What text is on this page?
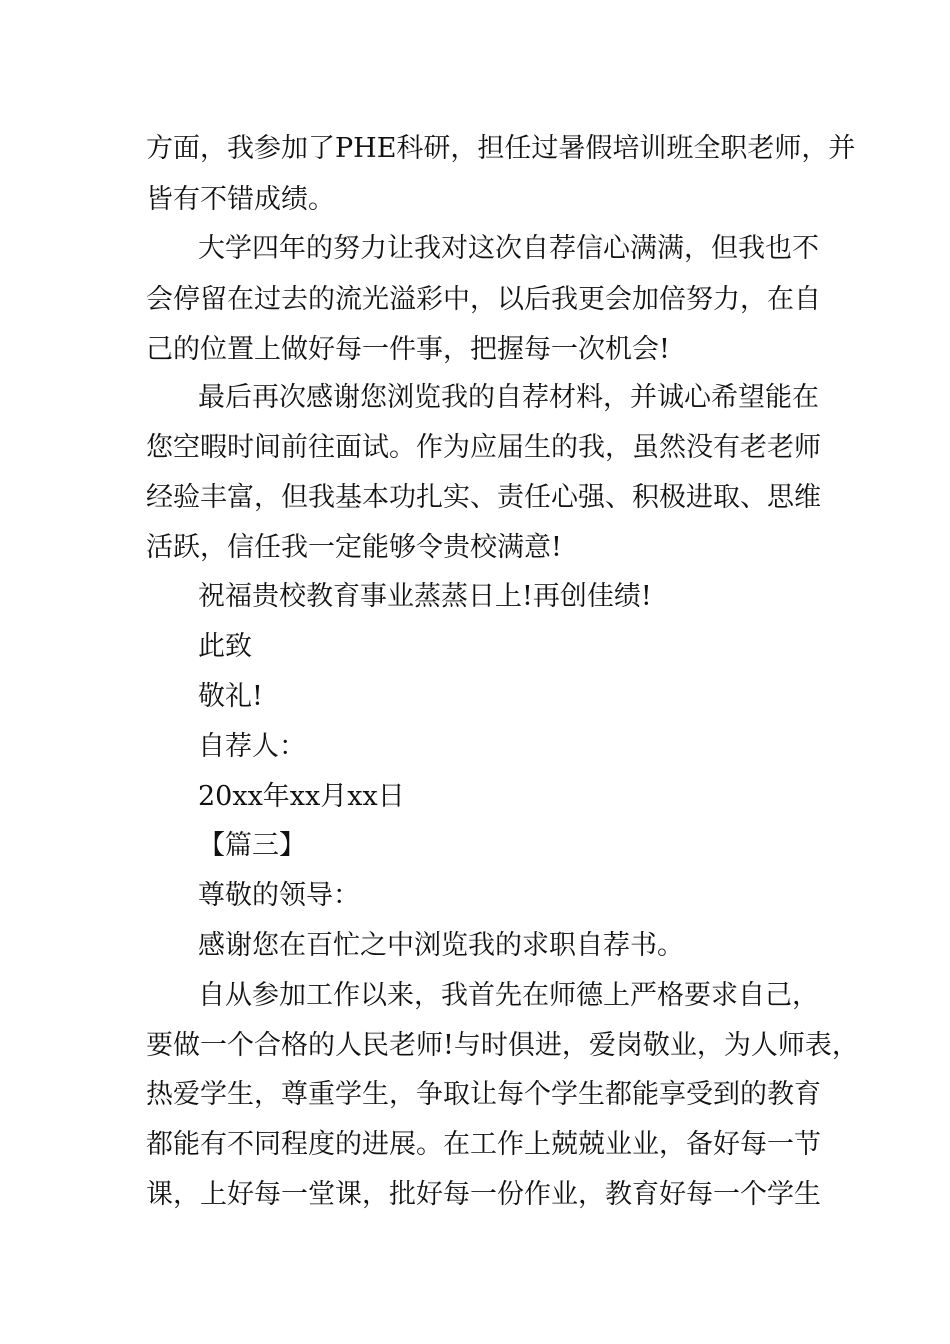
方面，我参加了PHE科研，担任过暑假培训班全职老师，并
皆有不错成绩。
大学四年的努力让我对这次自荐信心满满，但我也不
会停留在过去的流光溢彩中，以后我更会加倍努力，在自
己的位置上做好每一件事，把握每一次机会!
最后再次感谢您浏览我的自荐材料，并诚心希望能在
您空暇时间前往面试。作为应届生的我，虽然没有老老师
经验丰富，但我基本功扎实、责任心强、积极进取、思维
活跃，信任我一定能够令贵校满意!
祝福贵校教育事业蒸蒸日上!再创佳绩!
此致
敬礼!
自荐人：
20xx年xx月xx日
【篇三】
尊敬的领导：
感谢您在百忙之中浏览我的求职自荐书。
自从参加工作以来，我首先在师德上严格要求自己，
要做一个合格的人民老师!与时俱进，爱岗敬业，为人师表，
热爱学生，尊重学生，争取让每个学生都能享受到的教育
都能有不同程度的进展。在工作上兢兢业业，备好每一节
课，上好每一堂课，批好每一份作业，教育好每一个学生
